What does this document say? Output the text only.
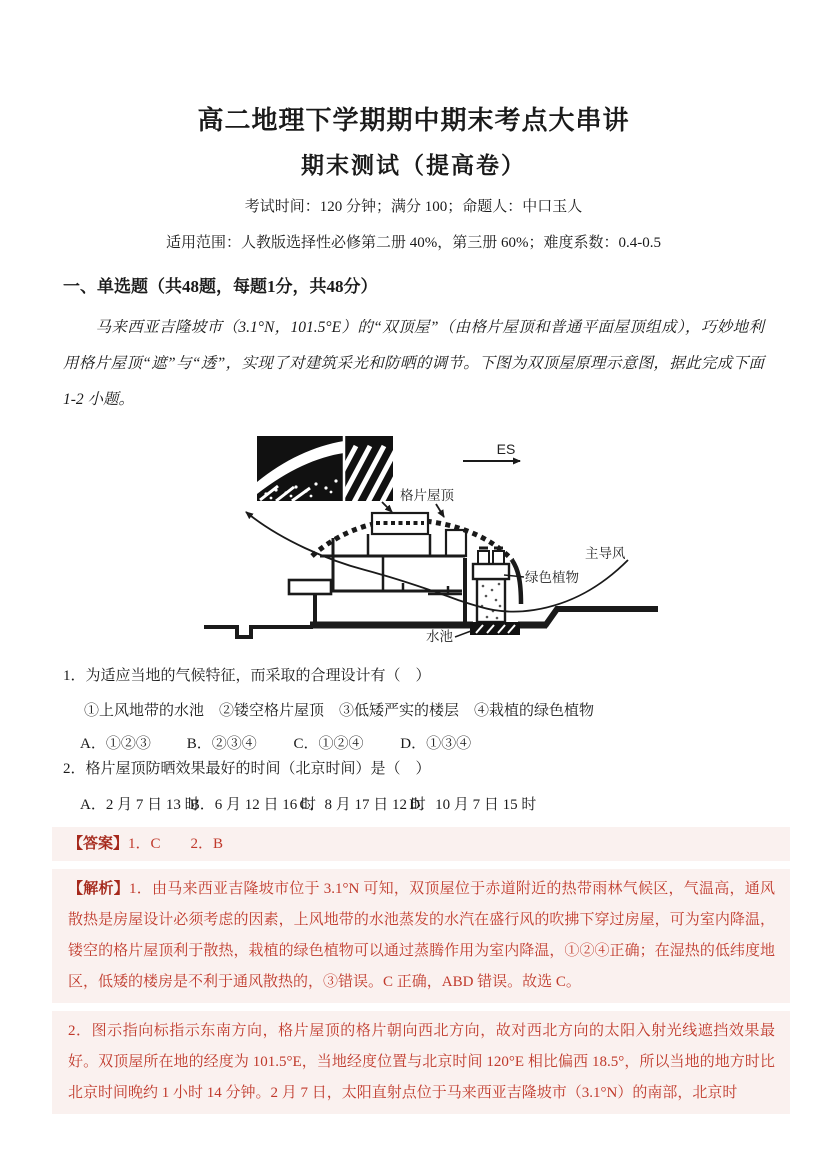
高二地理下学期期中期末考点大串讲
期末测试（提高卷）

考试时间：120 分钟；满分 100；命题人：中口玉人

适用范围：人教版选择性必修第二册 40%，第三册 60%；难度系数：0.4-0.5

一、单选题（共48题，每题1分，共48分）

马来西亚吉隆坡市（3.1°N，101.5°E）的“双顶屋”（由格片屋顶和普通平面屋顶组成），巧妙地利用格片屋顶“遮”与“透”，实现了对建筑采光和防晒的调节。下图为双顶屋原理示意图，据此完成下面 1-2 小题。

ES
格片屋顶
主导风
绿色植物
水池

1．为适应当地的气候特征，而采取的合理设计有（　）

①上风地带的水池　②镂空格片屋顶　③低矮严实的楼层　④栽植的绿色植物

A．①②③ B．②③④ C．①②④ D．①③④

2．格片屋顶防晒效果最好的时间（北京时间）是（　）

A．2 月 7 日 13 时 B．6 月 12 日 16 时 C．8 月 17 日 12 时 D．10 月 7 日 15 时

【答案】1．C　　2．B
【解析】1．由马来西亚吉隆坡市位于 3.1°N 可知，双顶屋位于赤道附近的热带雨林气候区，气温高，通风散热是房屋设计必须考虑的因素，上风地带的水池蒸发的水汽在盛行风的吹拂下穿过房屋，可为室内降温，镂空的格片屋顶利于散热，栽植的绿色植物可以通过蒸腾作用为室内降温，①②④正确；在湿热的低纬度地区，低矮的楼房是不利于通风散热的，③错误。C 正确，ABD 错误。故选 C。
2．图示指向标指示东南方向，格片屋顶的格片朝向西北方向，故对西北方向的太阳入射光线遮挡效果最好。双顶屋所在地的经度为 101.5°E，当地经度位置与北京时间 120°E 相比偏西 18.5°，所以当地的地方时比北京时间晚约 1 小时 14 分钟。2 月 7 日，太阳直射点位于马来西亚吉隆坡市（3.1°N）的南部，北京时
